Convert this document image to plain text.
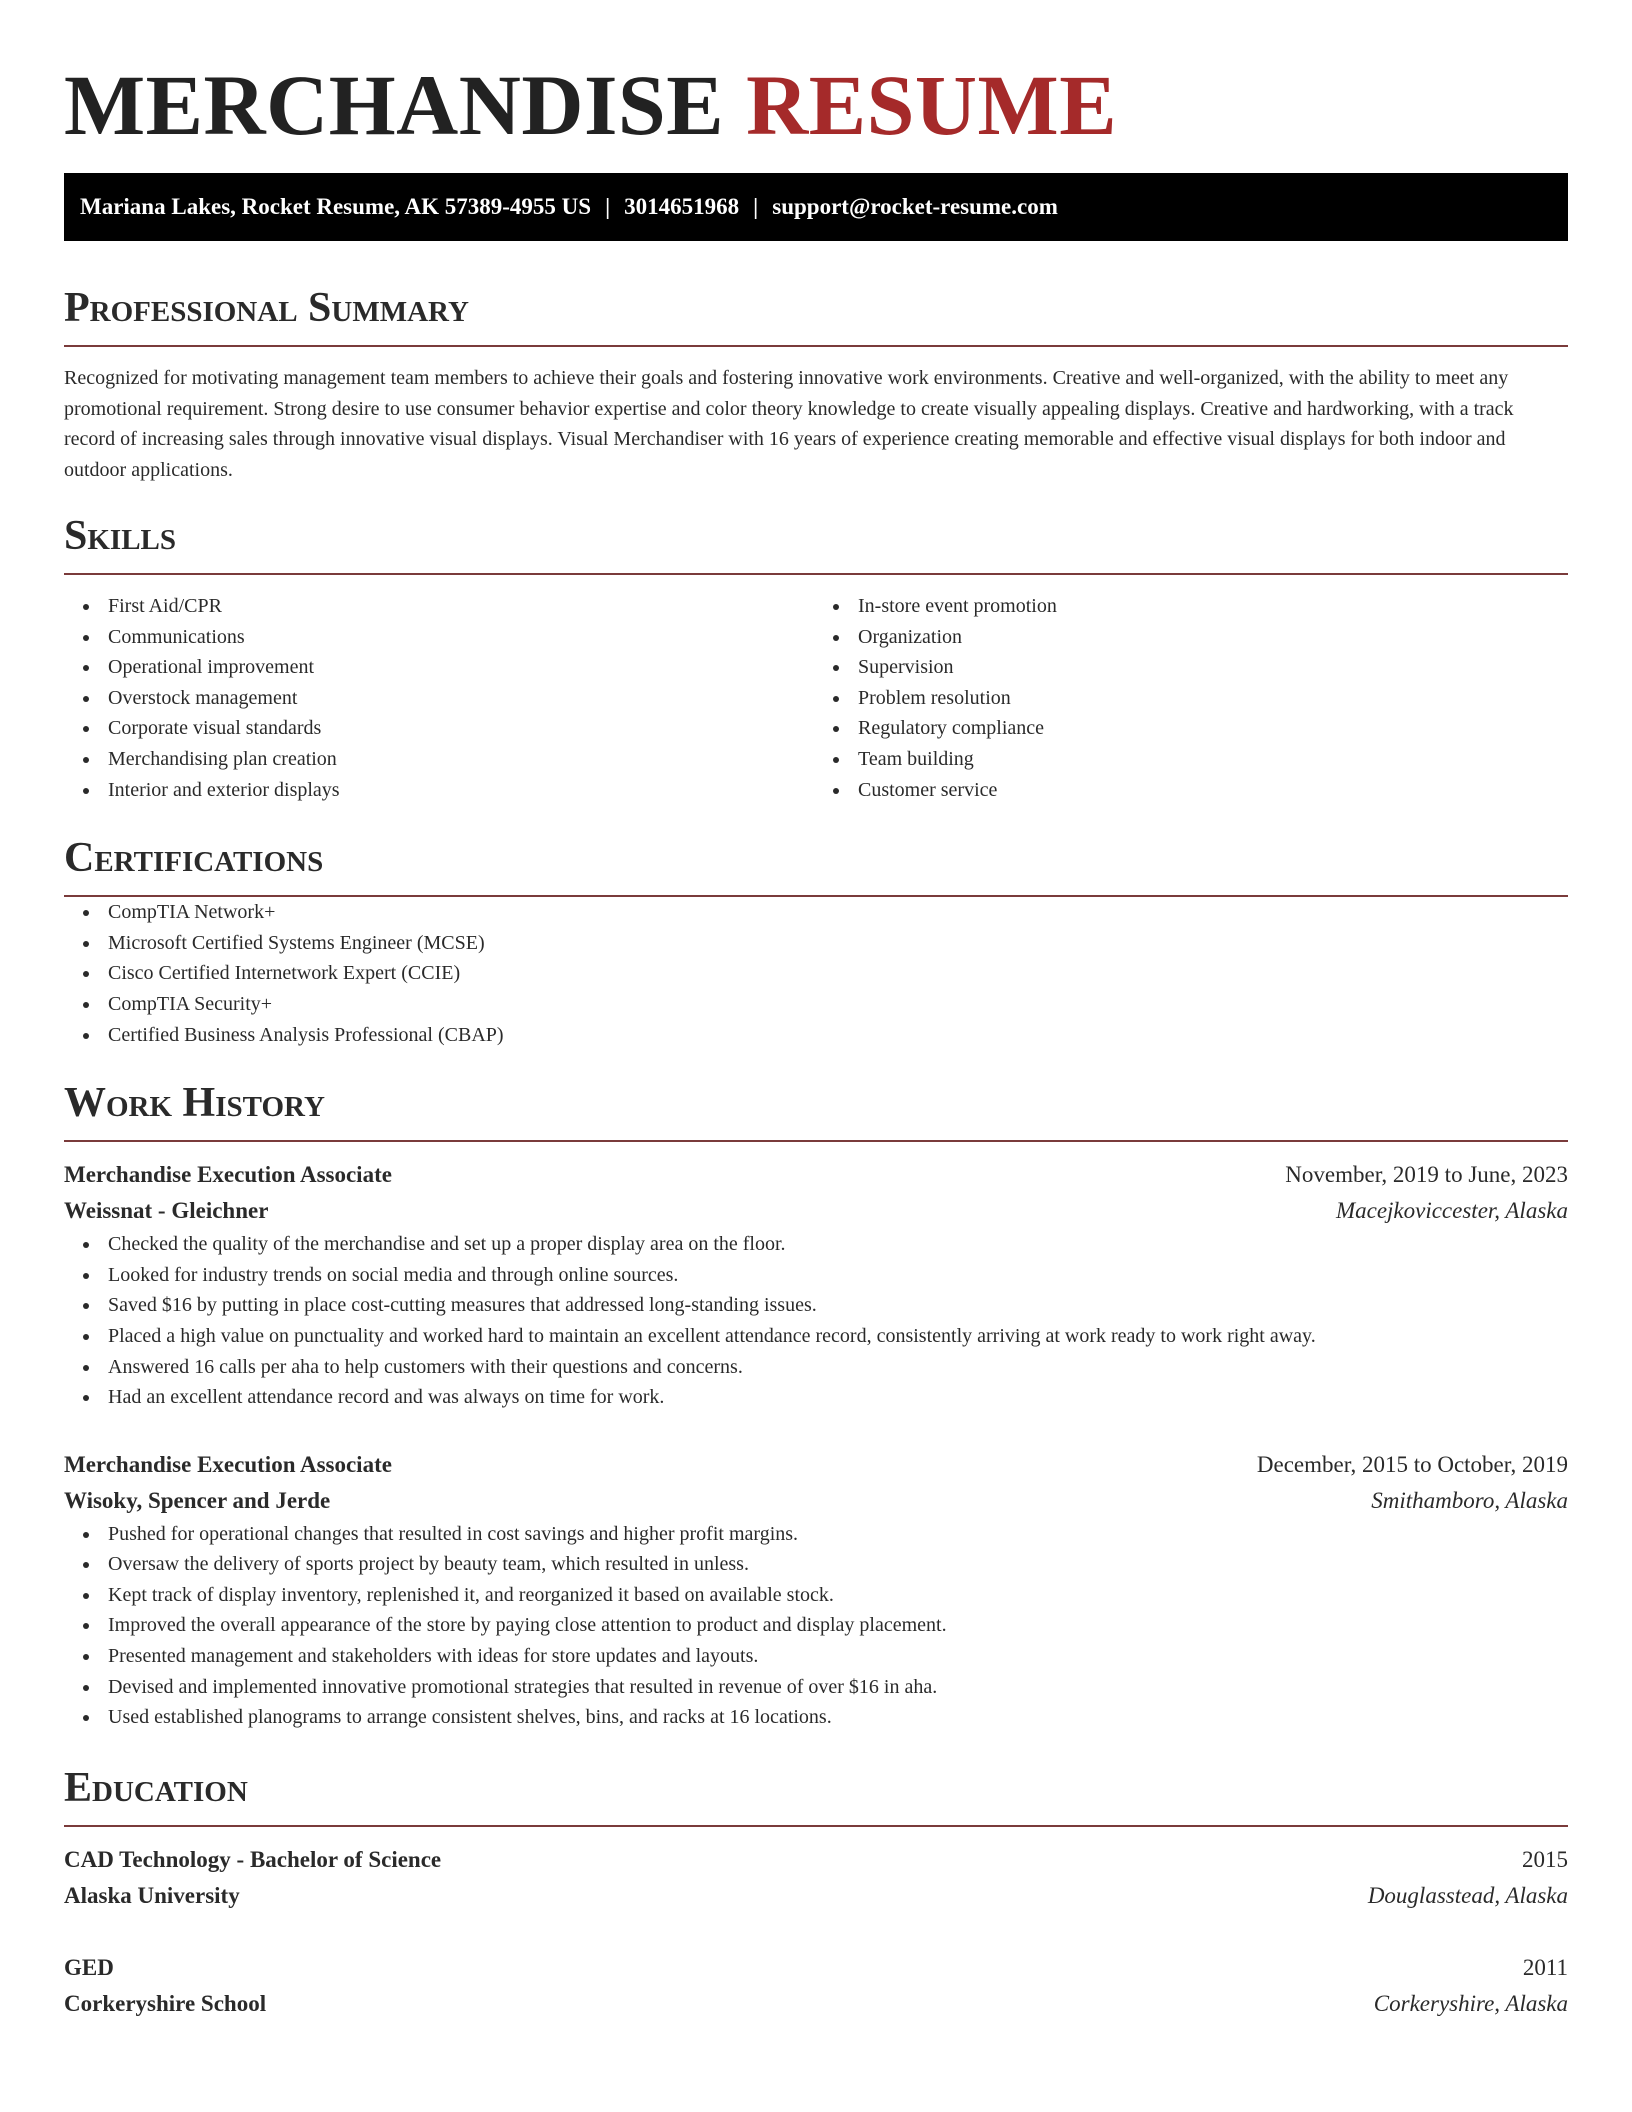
MERCHANDISE RESUME
Mariana Lakes, Rocket Resume, AK 57389-4955 US | 3014651968 | support@rocket-resume.com
Professional Summary

Recognized for motivating management team members to achieve their goals and fostering innovative work environments. Creative and well-organized, with the ability to meet any promotional requirement. Strong desire to use consumer behavior expertise and color theory knowledge to create visually appealing displays. Creative and hardworking, with a track record of increasing sales through innovative visual displays. Visual Merchandiser with 16 years of experience creating memorable and effective visual displays for both indoor and outdoor applications.

Skills
First Aid/CPR
Communications
Operational improvement
Overstock management
Corporate visual standards
Merchandising plan creation
Interior and exterior displays
In-store event promotion
Organization
Supervision
Problem resolution
Regulatory compliance
Team building
Customer service
Certifications
CompTIA Network+
Microsoft Certified Systems Engineer (MCSE)
Cisco Certified Internetwork Expert (CCIE)
CompTIA Security+
Certified Business Analysis Professional (CBAP)
Work History
Merchandise Execution Associate	November, 2019 to June, 2023
Weissnat - Gleichner	Macejkoviccester, Alaska
Checked the quality of the merchandise and set up a proper display area on the floor.
Looked for industry trends on social media and through online sources.
Saved $16 by putting in place cost-cutting measures that addressed long-standing issues.
Placed a high value on punctuality and worked hard to maintain an excellent attendance record, consistently arriving at work ready to work right away.
Answered 16 calls per aha to help customers with their questions and concerns.
Had an excellent attendance record and was always on time for work.
Merchandise Execution Associate	December, 2015 to October, 2019
Wisoky, Spencer and Jerde	Smithamboro, Alaska
Pushed for operational changes that resulted in cost savings and higher profit margins.
Oversaw the delivery of sports project by beauty team, which resulted in unless.
Kept track of display inventory, replenished it, and reorganized it based on available stock.
Improved the overall appearance of the store by paying close attention to product and display placement.
Presented management and stakeholders with ideas for store updates and layouts.
Devised and implemented innovative promotional strategies that resulted in revenue of over $16 in aha.
Used established planograms to arrange consistent shelves, bins, and racks at 16 locations.
Education
CAD Technology - Bachelor of Science	2015
Alaska University	Douglasstead, Alaska
GED	2011
Corkeryshire School	Corkeryshire, Alaska
